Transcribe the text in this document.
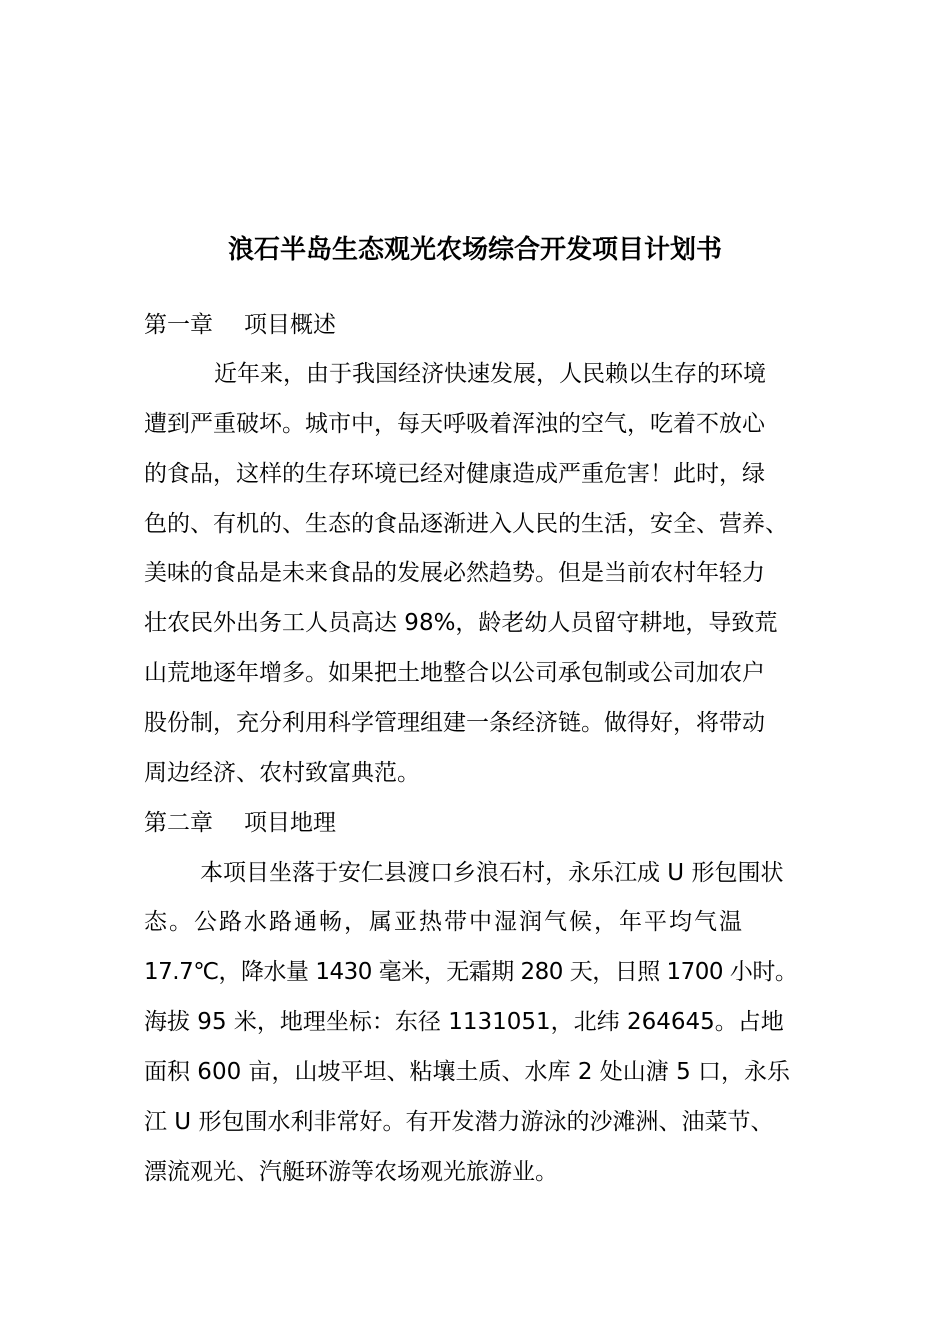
浪石半岛生态观光农场综合开发项目计划书
第一章 项目概述
近年来，由于我国经济快速发展，人民赖以生存的环境
遭到严重破坏。城市中，每天呼吸着浑浊的空气，吃着不放心
的食品，这样的生存环境已经对健康造成严重危害！此时，绿
色的、有机的、生态的食品逐渐进入人民的生活，安全、营养、
美味的食品是未来食品的发展必然趋势。但是当前农村年轻力
壮农民外出务工人员高达 98%，龄老幼人员留守耕地，导致荒
山荒地逐年增多。如果把土地整合以公司承包制或公司加农户
股份制，充分利用科学管理组建一条经济链。做得好，将带动
周边经济、农村致富典范。
第二章 项目地理
本项目坐落于安仁县渡口乡浪石村，永乐江成 U 形包围状
态。公路水路通畅，属亚热带中湿润气候，年平均气温
17.7℃，降水量 1430 毫米，无霜期 280 天，日照 1700 小时。
海拔 95 米，地理坐标：东径 1131051，北纬 264645。占地
面积 600 亩，山坡平坦、粘壤土质、水库 2 处山溏 5 口，永乐
江 U 形包围水利非常好。有开发潜力游泳的沙滩洲、油菜节、
漂流观光、汽艇环游等农场观光旅游业。
